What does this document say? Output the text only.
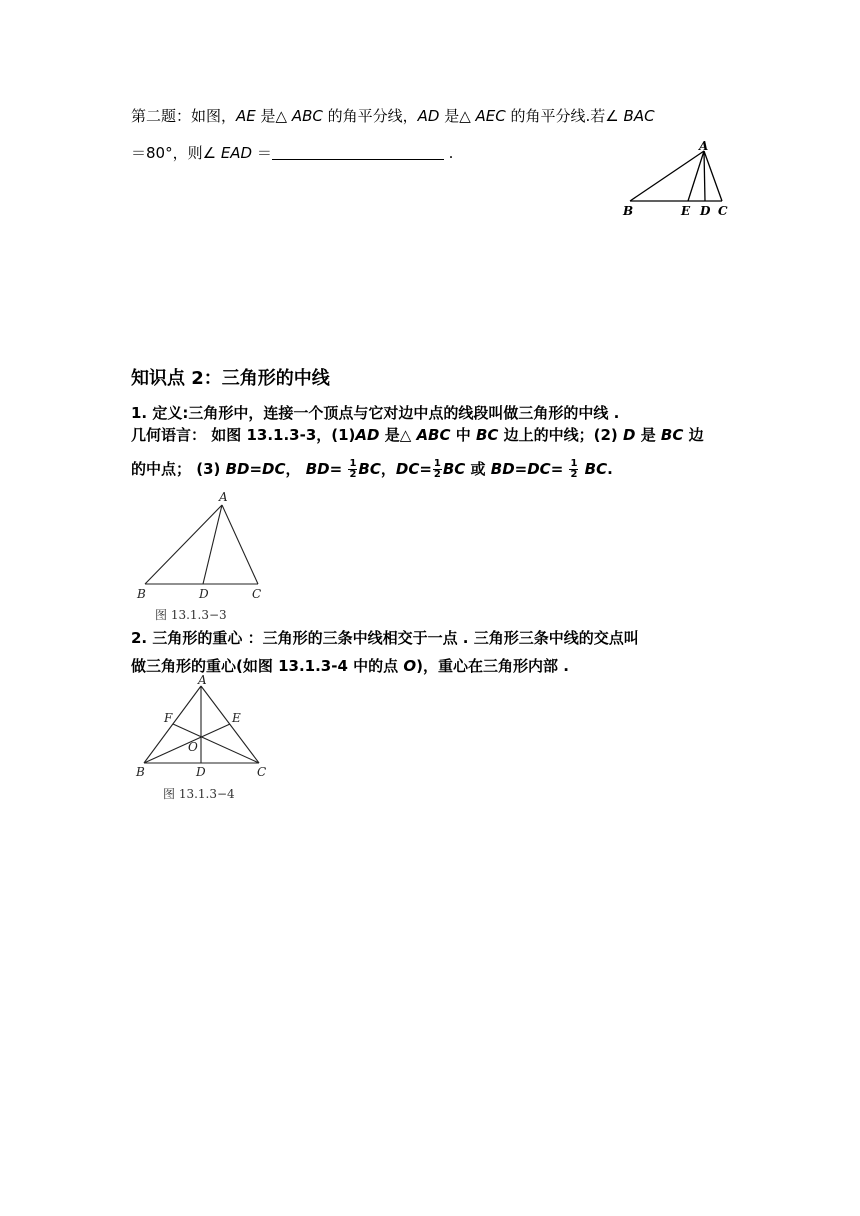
第二题：如图，AE 是△ ABC 的角平分线，AD 是△ AEC 的角平分线.若∠ BAC
＝80°，则∠ EAD ＝	.	A
B	E D C
知识点 2：三角形的中线
1. 定义:三角形中，连接一个顶点与它对边中点的线段叫做三角形的中线 .
几何语言： 如图 13.1.3-3，(1)AD 是△ ABC 中 BC 边上的中线；(2) D 是 BC 边
的中点； (3) BD=DC， $BD= \frac{1}{2}$ BC，$DC= \frac{1}{2}$ BC 或 $BD=DC= \frac{1}{2}$ BC.
A
B	D	C
图 13.1.3−3
2. 三角形的重心 ：三角形的三条中线相交于一点 . 三角形三条中线的交点叫
做三角形的重心(如图 13.1.3-4 中的点 O)，重心在三角形内部 .
A
F	E
O
B	D	C
图 13.1.3−4
